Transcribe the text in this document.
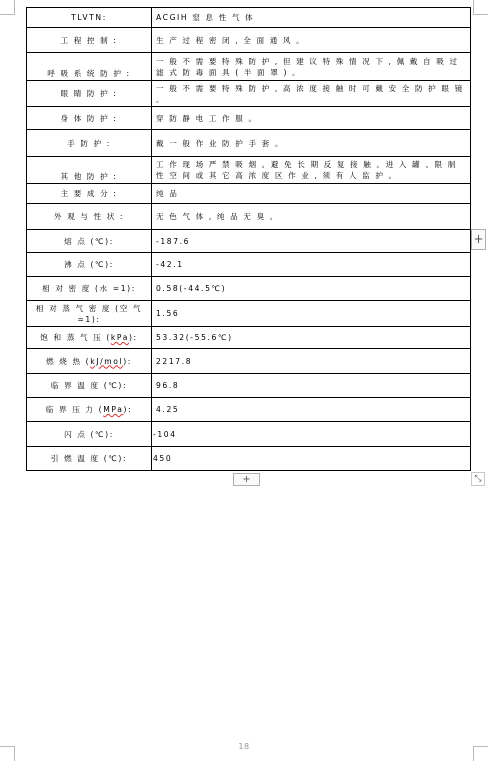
TLVTN:	ACGIH 窒 息 性 气 体
工 程 控 制 :	生 产 过 程 密 闭 , 全 面 通 风 。
呼 吸 系 统 防 护 :	一 般 不 需 要 特 殊 防 护 , 但 建 议 特 殊 情 况 下 , 佩 戴 自 吸 过 滤 式 防 毒 面 具 ( 半 面 罩 ) 。
眼 睛 防 护 :	一 般 不 需 要 特 殊 防 护 , 高 浓 度 接 触 时 可 戴 安 全 防 护 眼 镜 。
身 体 防 护 :	穿 防 静 电 工 作 服 。
手 防 护 :	戴 一 般 作 业 防 护 手 套 。
其 他 防 护 :	工 作 现 场 严 禁 吸 烟 。避 免 长 期 反 复 接 触 。进 入 罐 、限 制 性 空 间 或 其 它 高 浓 度 区 作 业 , 须 有 人 监 护 。
主 要 成 分 :	纯 品
外 观 与 性 状 :	无 色 气 体 , 纯 品 无 臭 。
熔 点 (℃):	-187.6
沸 点 (℃):	-42.1
相 对 密 度 (水 =1):	0.58(-44.5℃)
相 对 蒸 气 密 度 (空 气 =1):	1.56
饱 和 蒸 气 压 (kPa):	53.32(-55.6℃)
燃 烧 热 (kJ/mol):	2217.8
临 界 温 度 (℃):	96.8
临 界 压 力 (MPa):	4.25
闪 点 (℃):	-104
引 燃 温 度 (℃):	450
+
+	⤡
18
